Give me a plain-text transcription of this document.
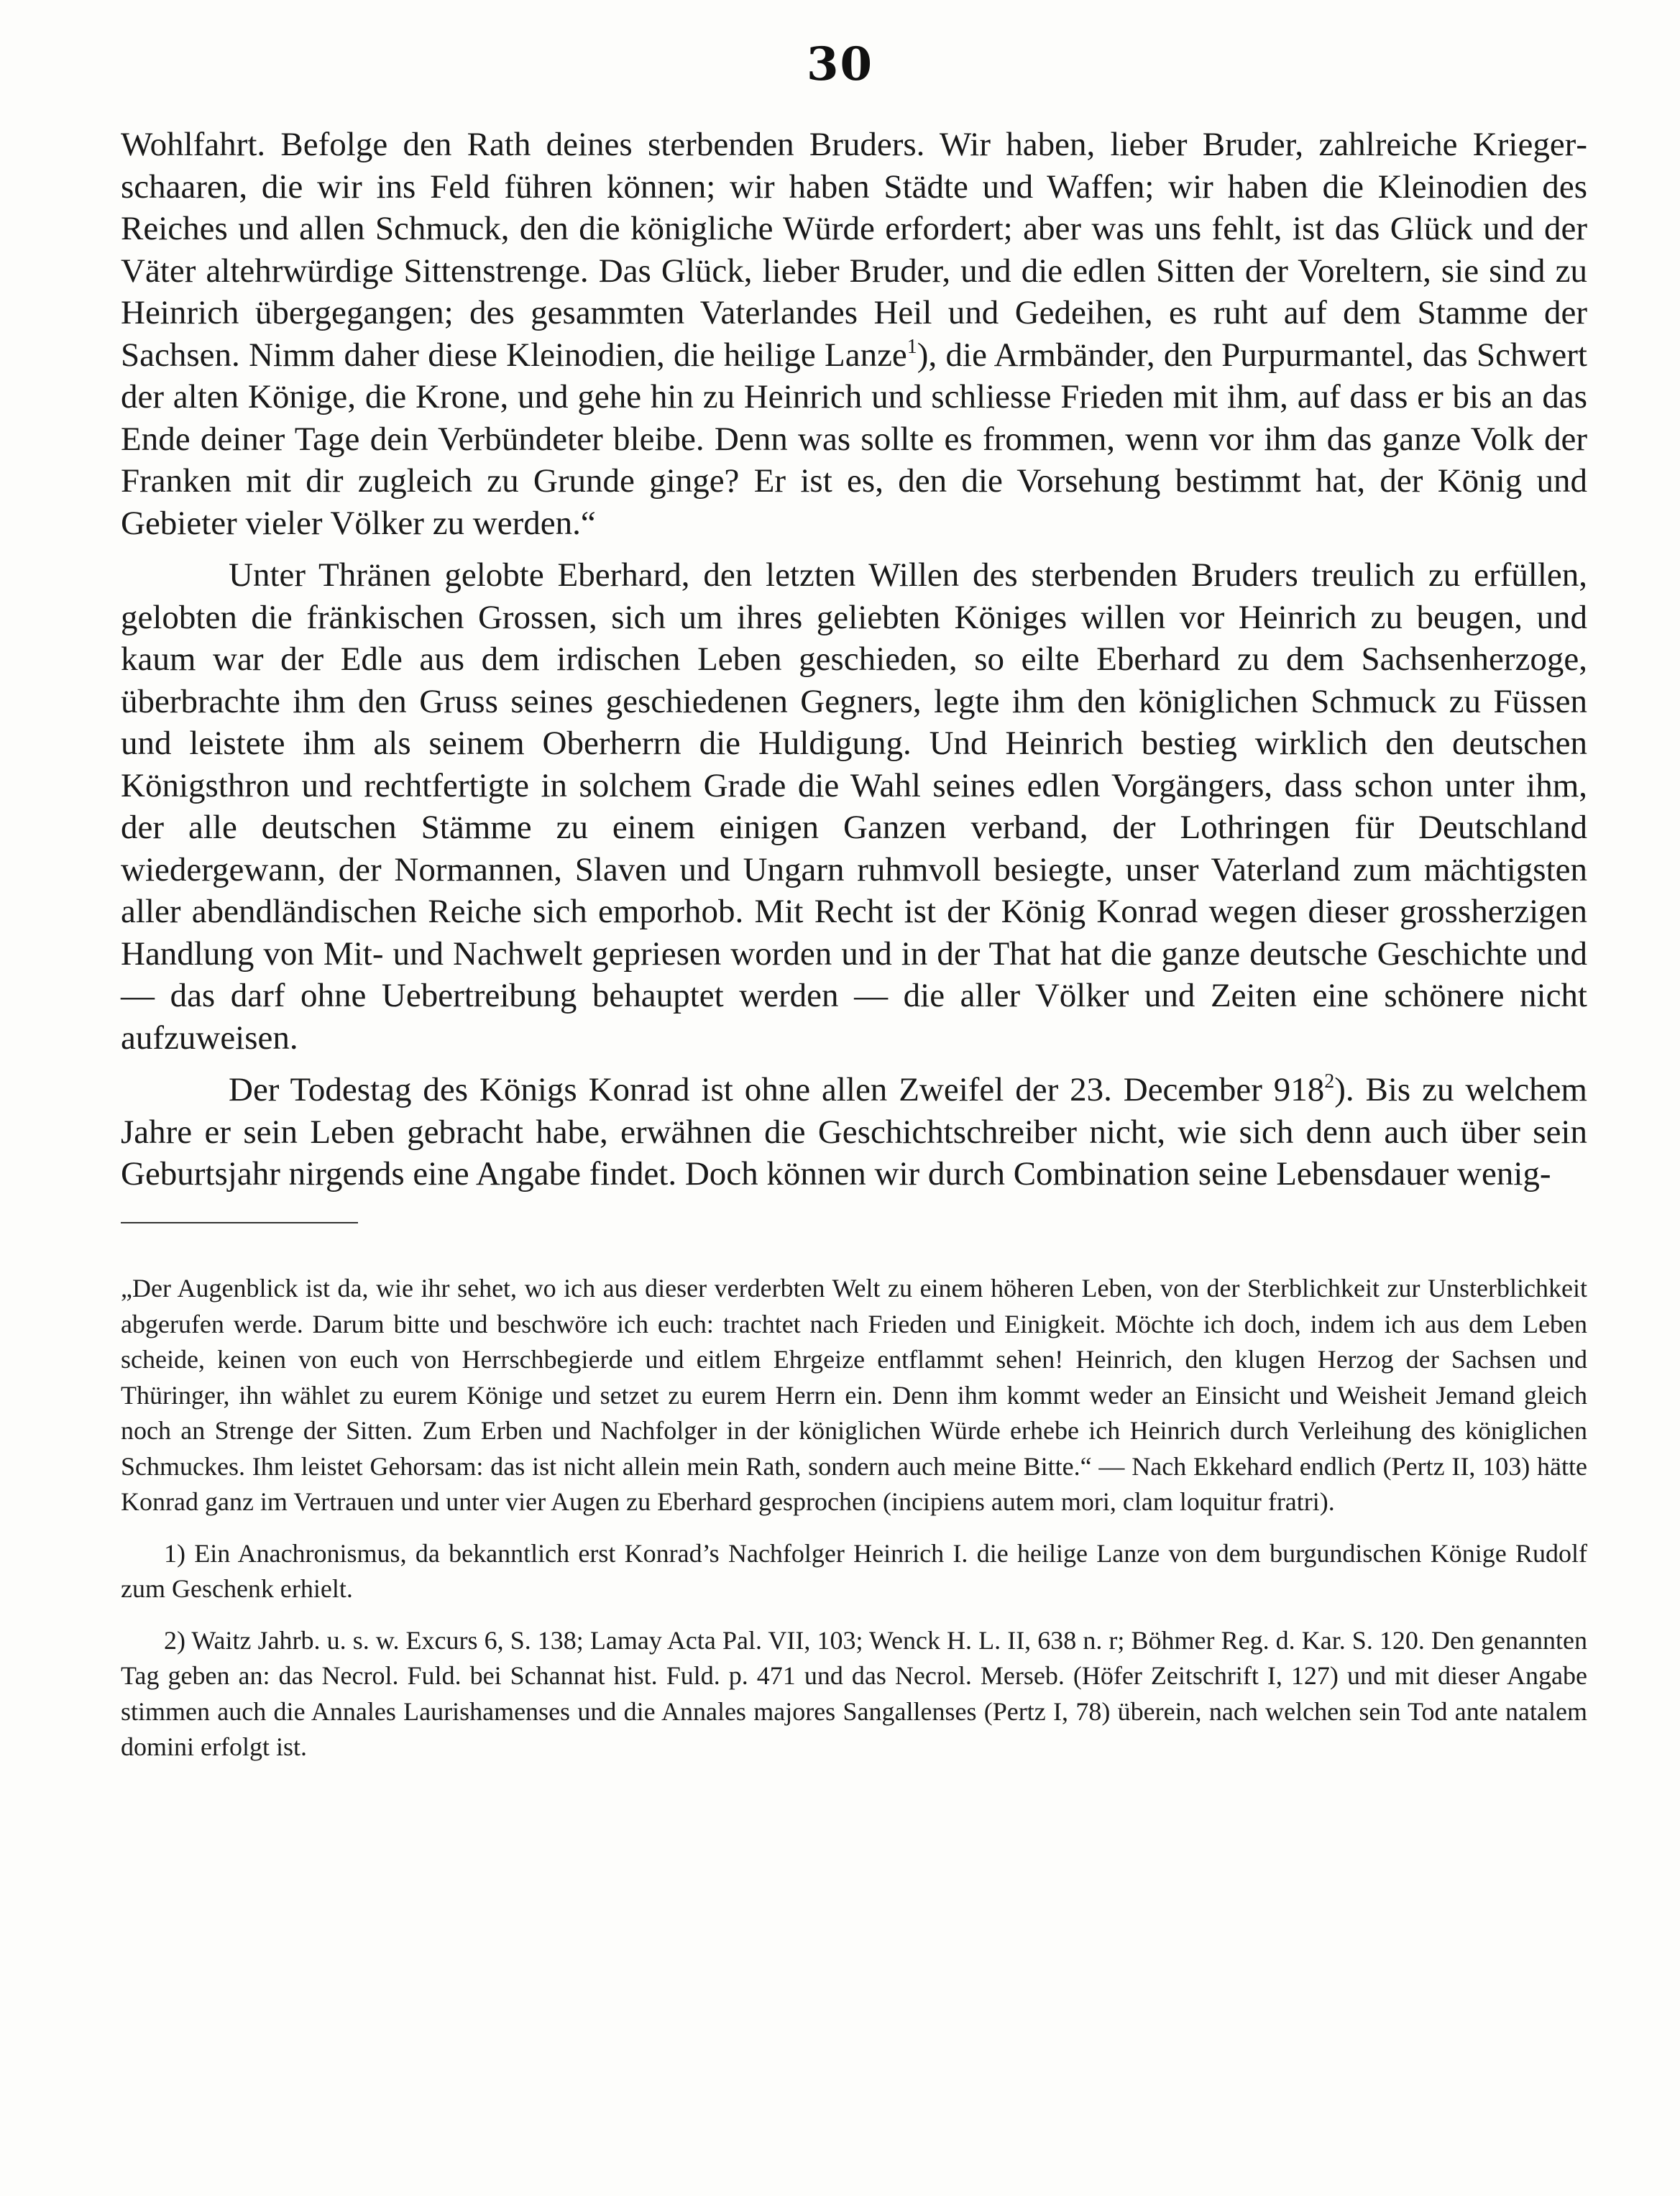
30

Wohlfahrt. Befolge den Rath deines sterbenden Bruders. Wir haben, lieber Bruder, zahlreiche Kriegerschaaren, die wir ins Feld führen können; wir haben Städte und Waffen; wir haben die Kleinodien des Reiches und allen Schmuck, den die königliche Würde erfordert; aber was uns fehlt, ist das Glück und der Väter altehrwürdige Sittenstrenge. Das Glück, lieber Bruder, und die edlen Sitten der Voreltern, sie sind zu Heinrich übergegangen; des gesammten Vaterlandes Heil und Gedeihen, es ruht auf dem Stamme der Sachsen. Nimm daher diese Kleinodien, die heilige Lanze$^1$), die Armbänder, den Purpurmantel, das Schwert der alten Könige, die Krone, und gehe hin zu Heinrich und schliesse Frieden mit ihm, auf dass er bis an das Ende deiner Tage dein Verbündeter bleibe. Denn was sollte es frommen, wenn vor ihm das ganze Volk der Franken mit dir zugleich zu Grunde ginge? Er ist es, den die Vorsehung bestimmt hat, der König und Gebieter vieler Völker zu werden.“

Unter Thränen gelobte Eberhard, den letzten Willen des sterbenden Bruders treulich zu erfüllen, gelobten die fränkischen Grossen, sich um ihres geliebten Königes willen vor Heinrich zu beugen, und kaum war der Edle aus dem irdischen Leben geschieden, so eilte Eberhard zu dem Sachsenherzoge, überbrachte ihm den Gruss seines geschiedenen Gegners, legte ihm den königlichen Schmuck zu Füssen und leistete ihm als seinem Oberherrn die Huldigung. Und Heinrich bestieg wirklich den deutschen Königsthron und rechtfertigte in solchem Grade die Wahl seines edlen Vorgängers, dass schon unter ihm, der alle deutschen Stämme zu einem einigen Ganzen verband, der Lothringen für Deutschland wiedergewann, der Normannen, Slaven und Ungarn ruhmvoll besiegte, unser Vaterland zum mächtigsten aller abendländischen Reiche sich emporhob. Mit Recht ist der König Konrad wegen dieser grossherzigen Handlung von Mit- und Nachwelt gepriesen worden und in der That hat die ganze deutsche Geschichte und — das darf ohne Uebertreibung behauptet werden — die aller Völker und Zeiten eine schönere nicht aufzuweisen.

Der Todestag des Königs Konrad ist ohne allen Zweifel der 23. December $918^2$). Bis zu welchem Jahre er sein Leben gebracht habe, erwähnen die Geschichtschreiber nicht, wie sich denn auch über sein Geburtsjahr nirgends eine Angabe findet. Doch können wir durch Combination seine Lebensdauer wenig-

„Der Augenblick ist da, wie ihr sehet, wo ich aus dieser verderbten Welt zu einem höheren Leben, von der Sterblichkeit zur Unsterblichkeit abgerufen werde. Darum bitte und beschwöre ich euch: trachtet nach Frieden und Einigkeit. Möchte ich doch, indem ich aus dem Leben scheide, keinen von euch von Herrschbegierde und eitlem Ehrgeize entflammt sehen! Heinrich, den klugen Herzog der Sachsen und Thüringer, ihn wählet zu eurem Könige und setzet zu eurem Herrn ein. Denn ihm kommt weder an Einsicht und Weisheit Jemand gleich noch an Strenge der Sitten. Zum Erben und Nachfolger in der königlichen Würde erhebe ich Heinrich durch Verleihung des königlichen Schmuckes. Ihm leistet Gehorsam: das ist nicht allein mein Rath, sondern auch meine Bitte.“ — Nach Ekkehard endlich (Pertz II, 103) hätte Konrad ganz im Vertrauen und unter vier Augen zu Eberhard gesprochen (incipiens autem mori, clam loquitur fratri).

1) Ein Anachronismus, da bekanntlich erst Konrad’s Nachfolger Heinrich I. die heilige Lanze von dem burgundischen Könige Rudolf zum Geschenk erhielt.

2) Waitz Jahrb. u. s. w. Excurs 6, S. 138; Lamay Acta Pal. VII, 103; Wenck H. L. II, 638 n. r; Böhmer Reg. d. Kar. S. 120. Den genannten Tag geben an: das Necrol. Fuld. bei Schannat hist. Fuld. p. 471 und das Necrol. Merseb. (Höfer Zeitschrift I, 127) und mit dieser Angabe stimmen auch die Annales Laurishamenses und die Annales majores Sangallenses (Pertz I, 78) überein, nach welchen sein Tod ante natalem domini erfolgt ist.
